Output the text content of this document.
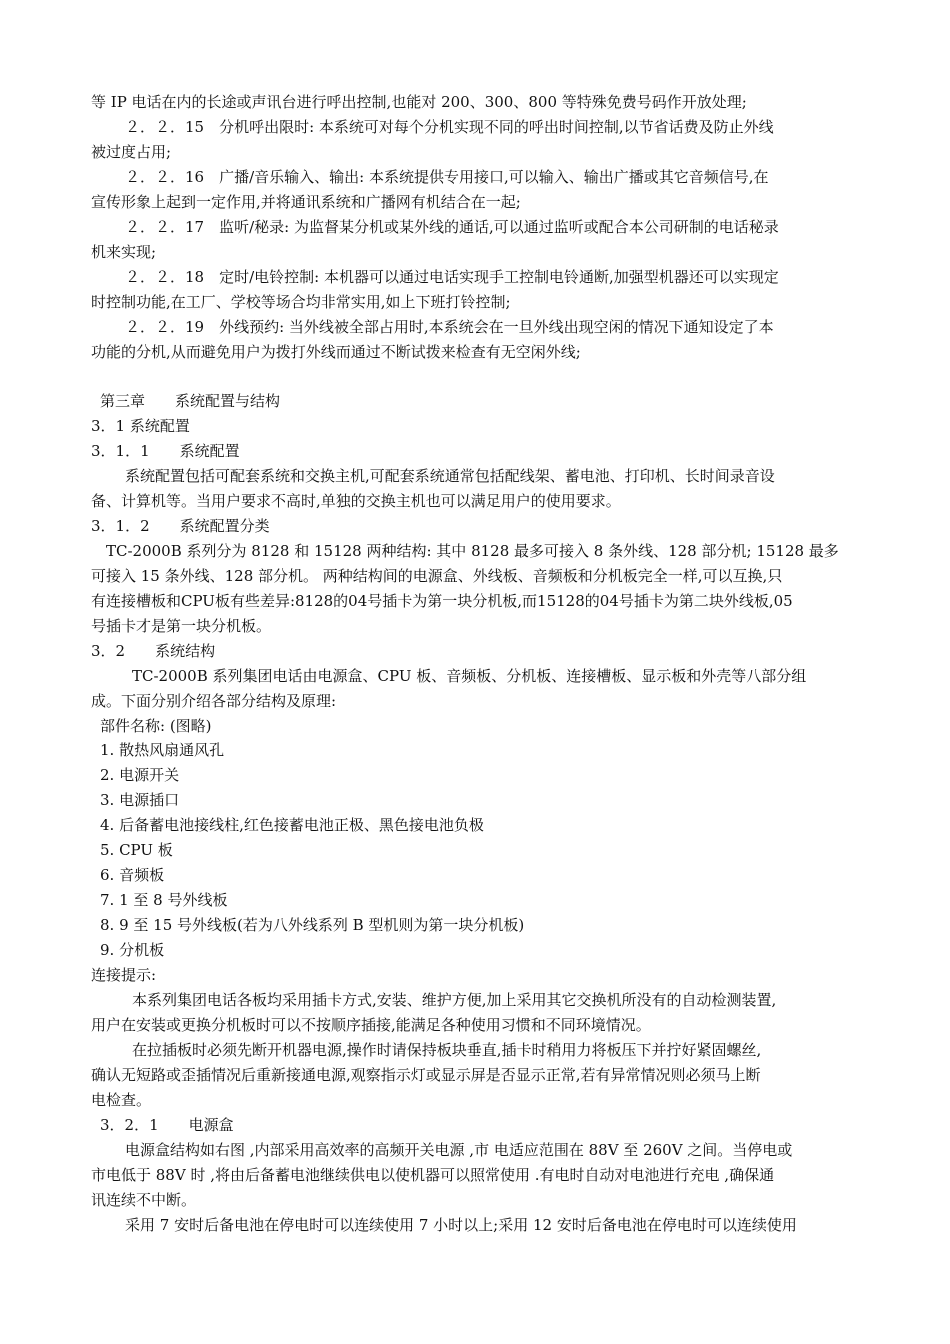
等 IP 电话在内的长途或声讯台进行呼出控制,也能对 200、300、800 等特殊免费号码作开放处理;
２．２．15　分机呼出限时: 本系统可对每个分机实现不同的呼出时间控制,以节省话费及防止外线
被过度占用;
２．２．16　广播/音乐输入、输出: 本系统提供专用接口,可以输入、输出广播或其它音频信号,在
宣传形象上起到一定作用,并将通讯系统和广播网有机结合在一起;
２．２．17　监听/秘录: 为监督某分机或某外线的通话,可以通过监听或配合本公司研制的电话秘录
机来实现;
２．２．18　定时/电铃控制: 本机器可以通过电话实现手工控制电铃通断,加强型机器还可以实现定
时控制功能,在工厂、学校等场合均非常实用,如上下班打铃控制;
２．２．19　外线预约: 当外线被全部占用时,本系统会在一旦外线出现空闲的情况下通知设定了本
功能的分机,从而避免用户为拨打外线而通过不断试拨来检查有无空闲外线;
第三章　　系统配置与结构
3．1 系统配置
3．1．1　　系统配置
系统配置包括可配套系统和交换主机,可配套系统通常包括配线架、蓄电池、打印机、长时间录音设
备、计算机等。当用户要求不高时,单独的交换主机也可以满足用户的使用要求。
3．1．2　　系统配置分类
TC-2000B 系列分为 8128 和 15128 两种结构: 其中 8128 最多可接入 8 条外线、128 部分机; 15128 最多
可接入 15 条外线、128 部分机。 两种结构间的电源盒、外线板、音频板和分机板完全一样,可以互换,只
有连接槽板和CPU板有些差异:8128的04号插卡为第一块分机板,而15128的04号插卡为第二块外线板,05
号插卡才是第一块分机板。
3．2　　系统结构
TC-2000B 系列集团电话由电源盒、CPU 板、音频板、分机板、连接槽板、显示板和外壳等八部分组
成。下面分别介绍各部分结构及原理:
部件名称: (图略)
1. 散热风扇通风孔
2. 电源开关
3. 电源插口
4. 后备蓄电池接线柱,红色接蓄电池正极、黑色接电池负极
5. CPU 板
6. 音频板
7. 1 至 8 号外线板
8. 9 至 15 号外线板(若为八外线系列 B 型机则为第一块分机板)
9. 分机板
连接提示:
本系列集团电话各板均采用插卡方式,安装、维护方便,加上采用其它交换机所没有的自动检测装置,
用户在安装或更换分机板时可以不按顺序插接,能满足各种使用习惯和不同环境情况。
在拉插板时必须先断开机器电源,操作时请保持板块垂直,插卡时稍用力将板压下并拧好紧固螺丝,
确认无短路或歪插情况后重新接通电源,观察指示灯或显示屏是否显示正常,若有异常情况则必须马上断
电检查。
3．2．1　　电源盒
电源盒结构如右图 ,内部采用高效率的高频开关电源 ,市 电适应范围在 88V 至 260V 之间。当停电或
市电低于 88V 时 ,将由后备蓄电池继续供电以使机器可以照常使用 .有电时自动对电池进行充电 ,确保通
讯连续不中断。
采用 7 安时后备电池在停电时可以连续使用 7 小时以上;采用 12 安时后备电池在停电时可以连续使用
